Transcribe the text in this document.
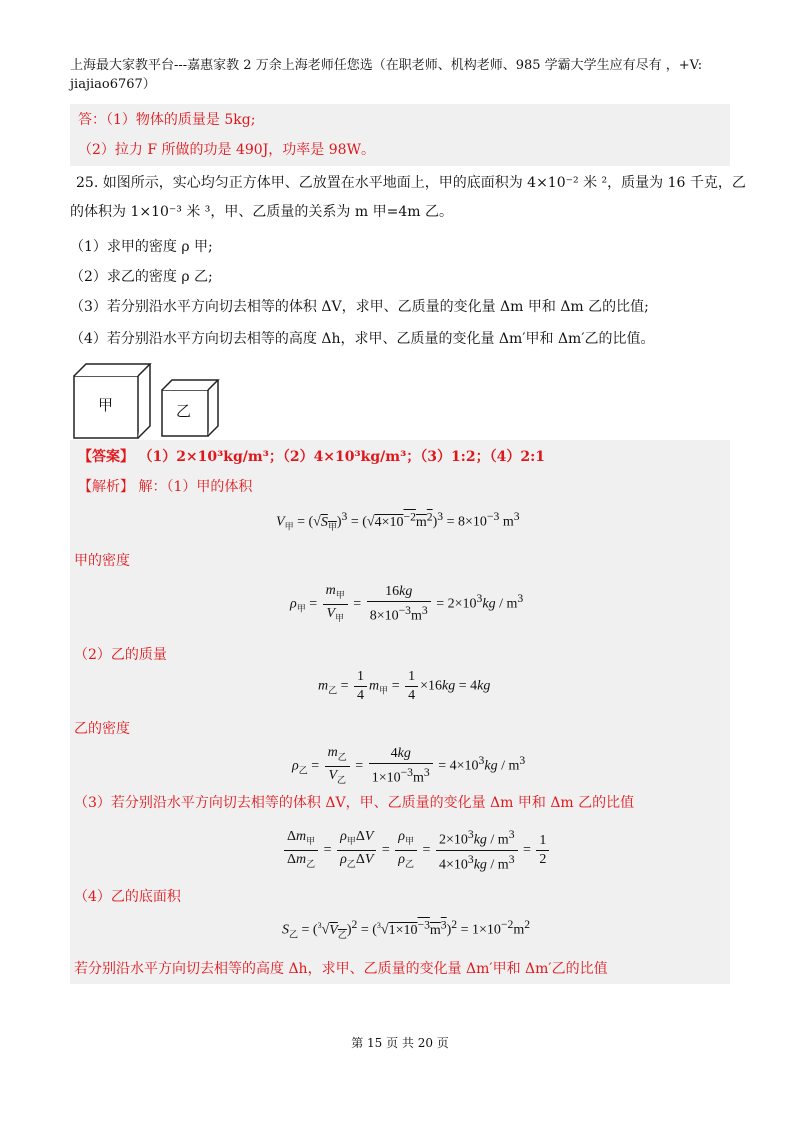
上海最大家教平台---嘉惠家教 2 万余上海老师任您选（在职老师、机构老师、985 学霸大学生应有尽有 ，+V: jiajiao6767）
答：（1）物体的质量是 5kg;
（2）拉力 F 所做的功是 490J，功率是 98W。
25. 如图所示，实心均匀正方体甲、乙放置在水平地面上，甲的底面积为 4×10⁻² 米 ²，质量为 16 千克，乙
的体积为 1×10⁻³ 米 ³，甲、乙质量的关系为 m 甲=4m 乙。
（1）求甲的密度 ρ 甲;
（2）求乙的密度 ρ 乙;
（3）若分别沿水平方向切去相等的体积 ΔV，求甲、乙质量的变化量 Δm 甲和 Δm 乙的比值;
（4）若分别沿水平方向切去相等的高度 Δh，求甲、乙质量的变化量 Δm′甲和 Δm′乙的比值。
甲	乙
【答案】 （1）2×10³kg/m³；（2）4×10³kg/m³；（3）1:2；（4）2:1
【解析】 解：（1）甲的体积
$V_甲 = (√S_甲)^3 = (√4\times 10^{-2}m^2)^3 = 8\times 10^{-3}$ $m^3$
甲的密度
$\rho_甲 = \frac{m_甲}{V_甲} = \frac{16kg}{8\times 10^{-3}m^3} = 2\times 10^3kg / m^3$
（2）乙的质量
$m_乙 = \frac{1}{4} m_甲 = \frac{1}{4} \times 16kg = 4kg$
乙的密度
$\rho_乙 = \frac{m_乙}{V_乙} = \frac{4kg}{1\times 10^{-3}m^3} = 4\times 10^3kg / m^3$
（3）若分别沿水平方向切去相等的体积 ΔV，甲、乙质量的变化量 Δm 甲和 Δm 乙的比值
$\frac{\Delta m_甲}{\Delta m_乙} = \frac{\rho_甲\Delta V}{\rho_乙\Delta V} = \frac{\rho_甲}{\rho_乙} = \frac{2\times 10^3kg / m^3}{4\times 10^3kg / m^3} = \frac{1}{2}$
（4）乙的底面积
$S_乙 = (^3√V_乙)^2 = (^3√1\times 10^{-3}m^3)^2 = 1\times 10^{-2}m^2$
若分别沿水平方向切去相等的高度 Δh，求甲、乙质量的变化量 Δm′甲和 Δm′乙的比值
第 15 页 共 20 页
